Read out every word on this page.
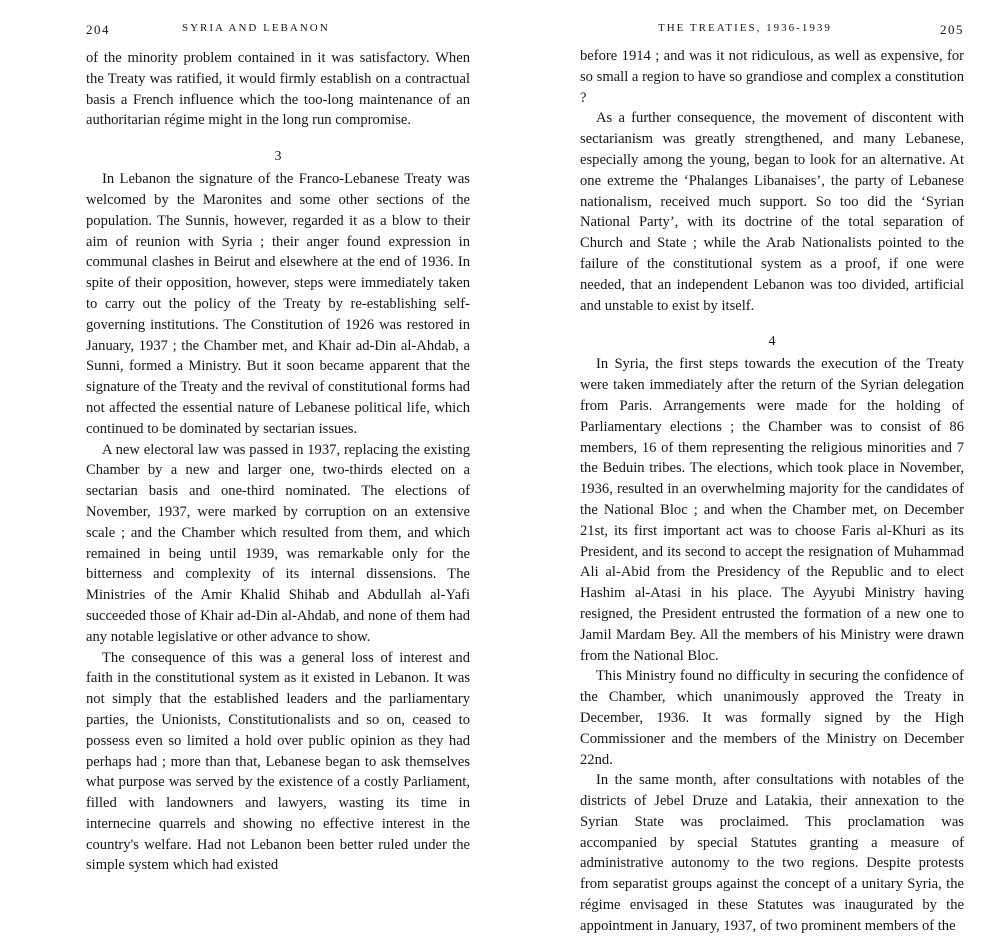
204	SYRIA AND LEBANON

of the minority problem contained in it was satisfactory. When the Treaty was ratified, it would firmly establish on a contractual basis a French influence which the too-long maintenance of an authoritarian régime might in the long run compromise.

3

In Lebanon the signature of the Franco-Lebanese Treaty was welcomed by the Maronites and some other sections of the population. The Sunnis, however, regarded it as a blow to their aim of reunion with Syria ; their anger found expression in communal clashes in Beirut and elsewhere at the end of 1936. In spite of their opposition, however, steps were immediately taken to carry out the policy of the Treaty by re-establishing self-governing institutions. The Constitution of 1926 was restored in January, 1937 ; the Chamber met, and Khair ad-Din al-Ahdab, a Sunni, formed a Ministry. But it soon became apparent that the signature of the Treaty and the revival of constitutional forms had not affected the essential nature of Lebanese political life, which continued to be dominated by sectarian issues.

A new electoral law was passed in 1937, replacing the existing Chamber by a new and larger one, two-thirds elected on a sectarian basis and one-third nominated. The elections of November, 1937, were marked by corruption on an extensive scale ; and the Chamber which resulted from them, and which remained in being until 1939, was remarkable only for the bitterness and complexity of its internal dissensions. The Ministries of the Amir Khalid Shihab and Abdullah al-Yafi succeeded those of Khair ad-Din al-Ahdab, and none of them had any notable legislative or other advance to show.

The consequence of this was a general loss of interest and faith in the constitutional system as it existed in Lebanon. It was not simply that the established leaders and the parliamentary parties, the Unionists, Constitutionalists and so on, ceased to possess even so limited a hold over public opinion as they had perhaps had ; more than that, Lebanese began to ask themselves what purpose was served by the existence of a costly Parliament, filled with landowners and lawyers, wasting its time in internecine quarrels and showing no effective interest in the country's welfare. Had not Lebanon been better ruled under the simple system which had existed

THE TREATIES, 1936-1939	205

before 1914 ; and was it not ridiculous, as well as expensive, for so small a region to have so grandiose and complex a constitution ?

As a further consequence, the movement of discontent with sectarianism was greatly strengthened, and many Lebanese, especially among the young, began to look for an alternative. At one extreme the ‘Phalanges Libanaises’, the party of Lebanese nationalism, received much support. So too did the ‘Syrian National Party’, with its doctrine of the total separation of Church and State ; while the Arab Nationalists pointed to the failure of the constitutional system as a proof, if one were needed, that an independent Lebanon was too divided, artificial and unstable to exist by itself.

4

In Syria, the first steps towards the execution of the Treaty were taken immediately after the return of the Syrian delegation from Paris. Arrangements were made for the holding of Parliamentary elections ; the Chamber was to consist of 86 members, 16 of them representing the religious minorities and 7 the Beduin tribes. The elections, which took place in November, 1936, resulted in an overwhelming majority for the candidates of the National Bloc ; and when the Chamber met, on December 21st, its first important act was to choose Faris al-Khuri as its President, and its second to accept the resignation of Muhammad Ali al-Abid from the Presidency of the Republic and to elect Hashim al-Atasi in his place. The Ayyubi Ministry having resigned, the President entrusted the formation of a new one to Jamil Mardam Bey. All the members of his Ministry were drawn from the National Bloc.

This Ministry found no difficulty in securing the confidence of the Chamber, which unanimously approved the Treaty in December, 1936. It was formally signed by the High Commissioner and the members of the Ministry on December 22nd.

In the same month, after consultations with notables of the districts of Jebel Druze and Latakia, their annexation to the Syrian State was proclaimed. This proclamation was accompanied by special Statutes granting a measure of administrative autonomy to the two regions. Despite protests from separatist groups against the concept of a unitary Syria, the régime envisaged in these Statutes was inaugurated by the appointment in January, 1937, of two prominent members of the
